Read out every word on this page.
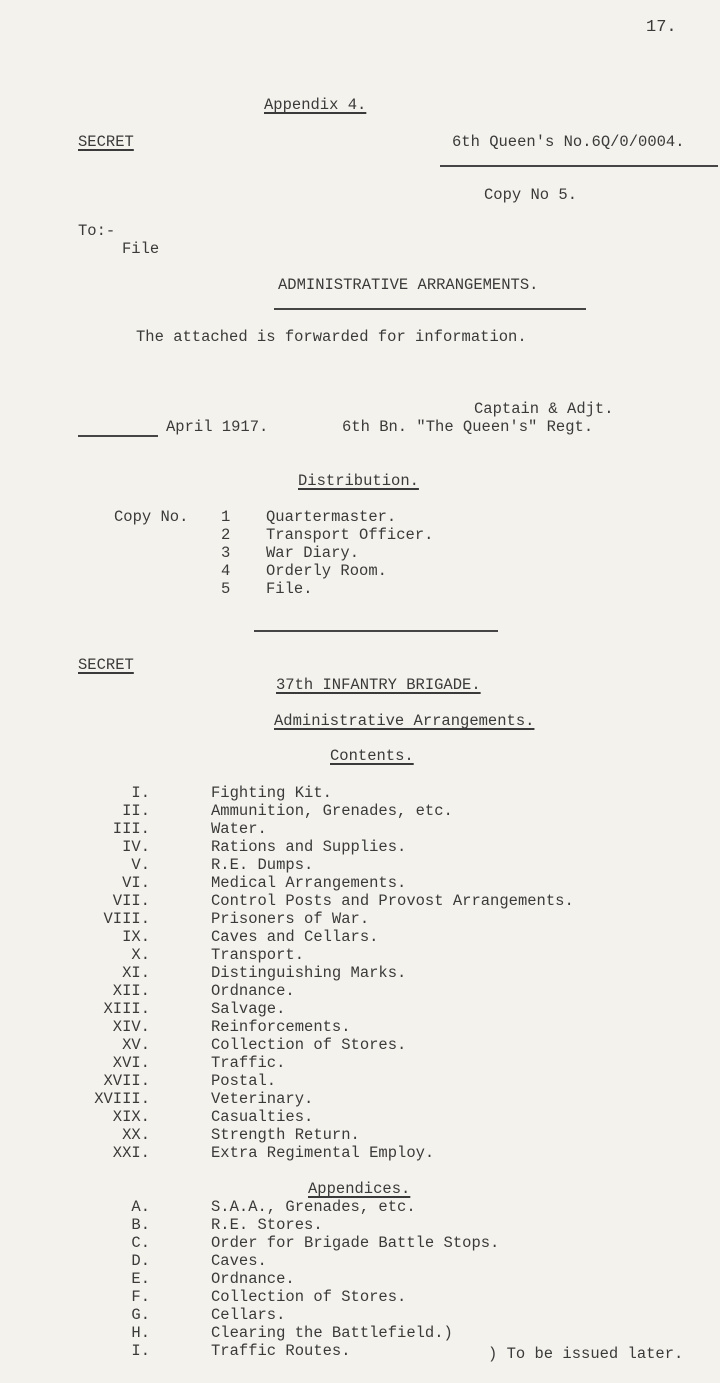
17.
Appendix 4.
SECRET	6th Queen's No.6Q/0/0004.
Copy No 5.
To:-
File
ADMINISTRATIVE ARRANGEMENTS.
The attached is forwarded for information.
Captain & Adjt.
April 1917.	6th Bn. "The Queen's" Regt.
Distribution.
Copy No. 1 Quartermaster.
2 Transport Officer.
3 War Diary.
4 Orderly Room.
5 File.
SECRET
37th INFANTRY BRIGADE.
Administrative Arrangements.
Contents.
I.	Fighting Kit.
II.	Ammunition, Grenades, etc.
III.	Water.
IV.	Rations and Supplies.
V.	R.E. Dumps.
VI.	Medical Arrangements.
VII.	Control Posts and Provost Arrangements.
VIII.	Prisoners of War.
IX.	Caves and Cellars.
X.	Transport.
XI.	Distinguishing Marks.
XII.	Ordnance.
XIII.	Salvage.
XIV.	Reinforcements.
XV.	Collection of Stores.
XVI.	Traffic.
XVII.	Postal.
XVIII.	Veterinary.
XIX.	Casualties.
XX.	Strength Return.
XXI.	Extra Regimental Employ.
Appendices.
A.	S.A.A., Grenades, etc.
B.	R.E. Stores.
C.	Order for Brigade Battle Stops.
D.	Caves.
E.	Ordnance.
F.	Collection of Stores.
G.	Cellars.
H.	Clearing the Battlefield.)
I.	Traffic Routes.	) To be issued later.
